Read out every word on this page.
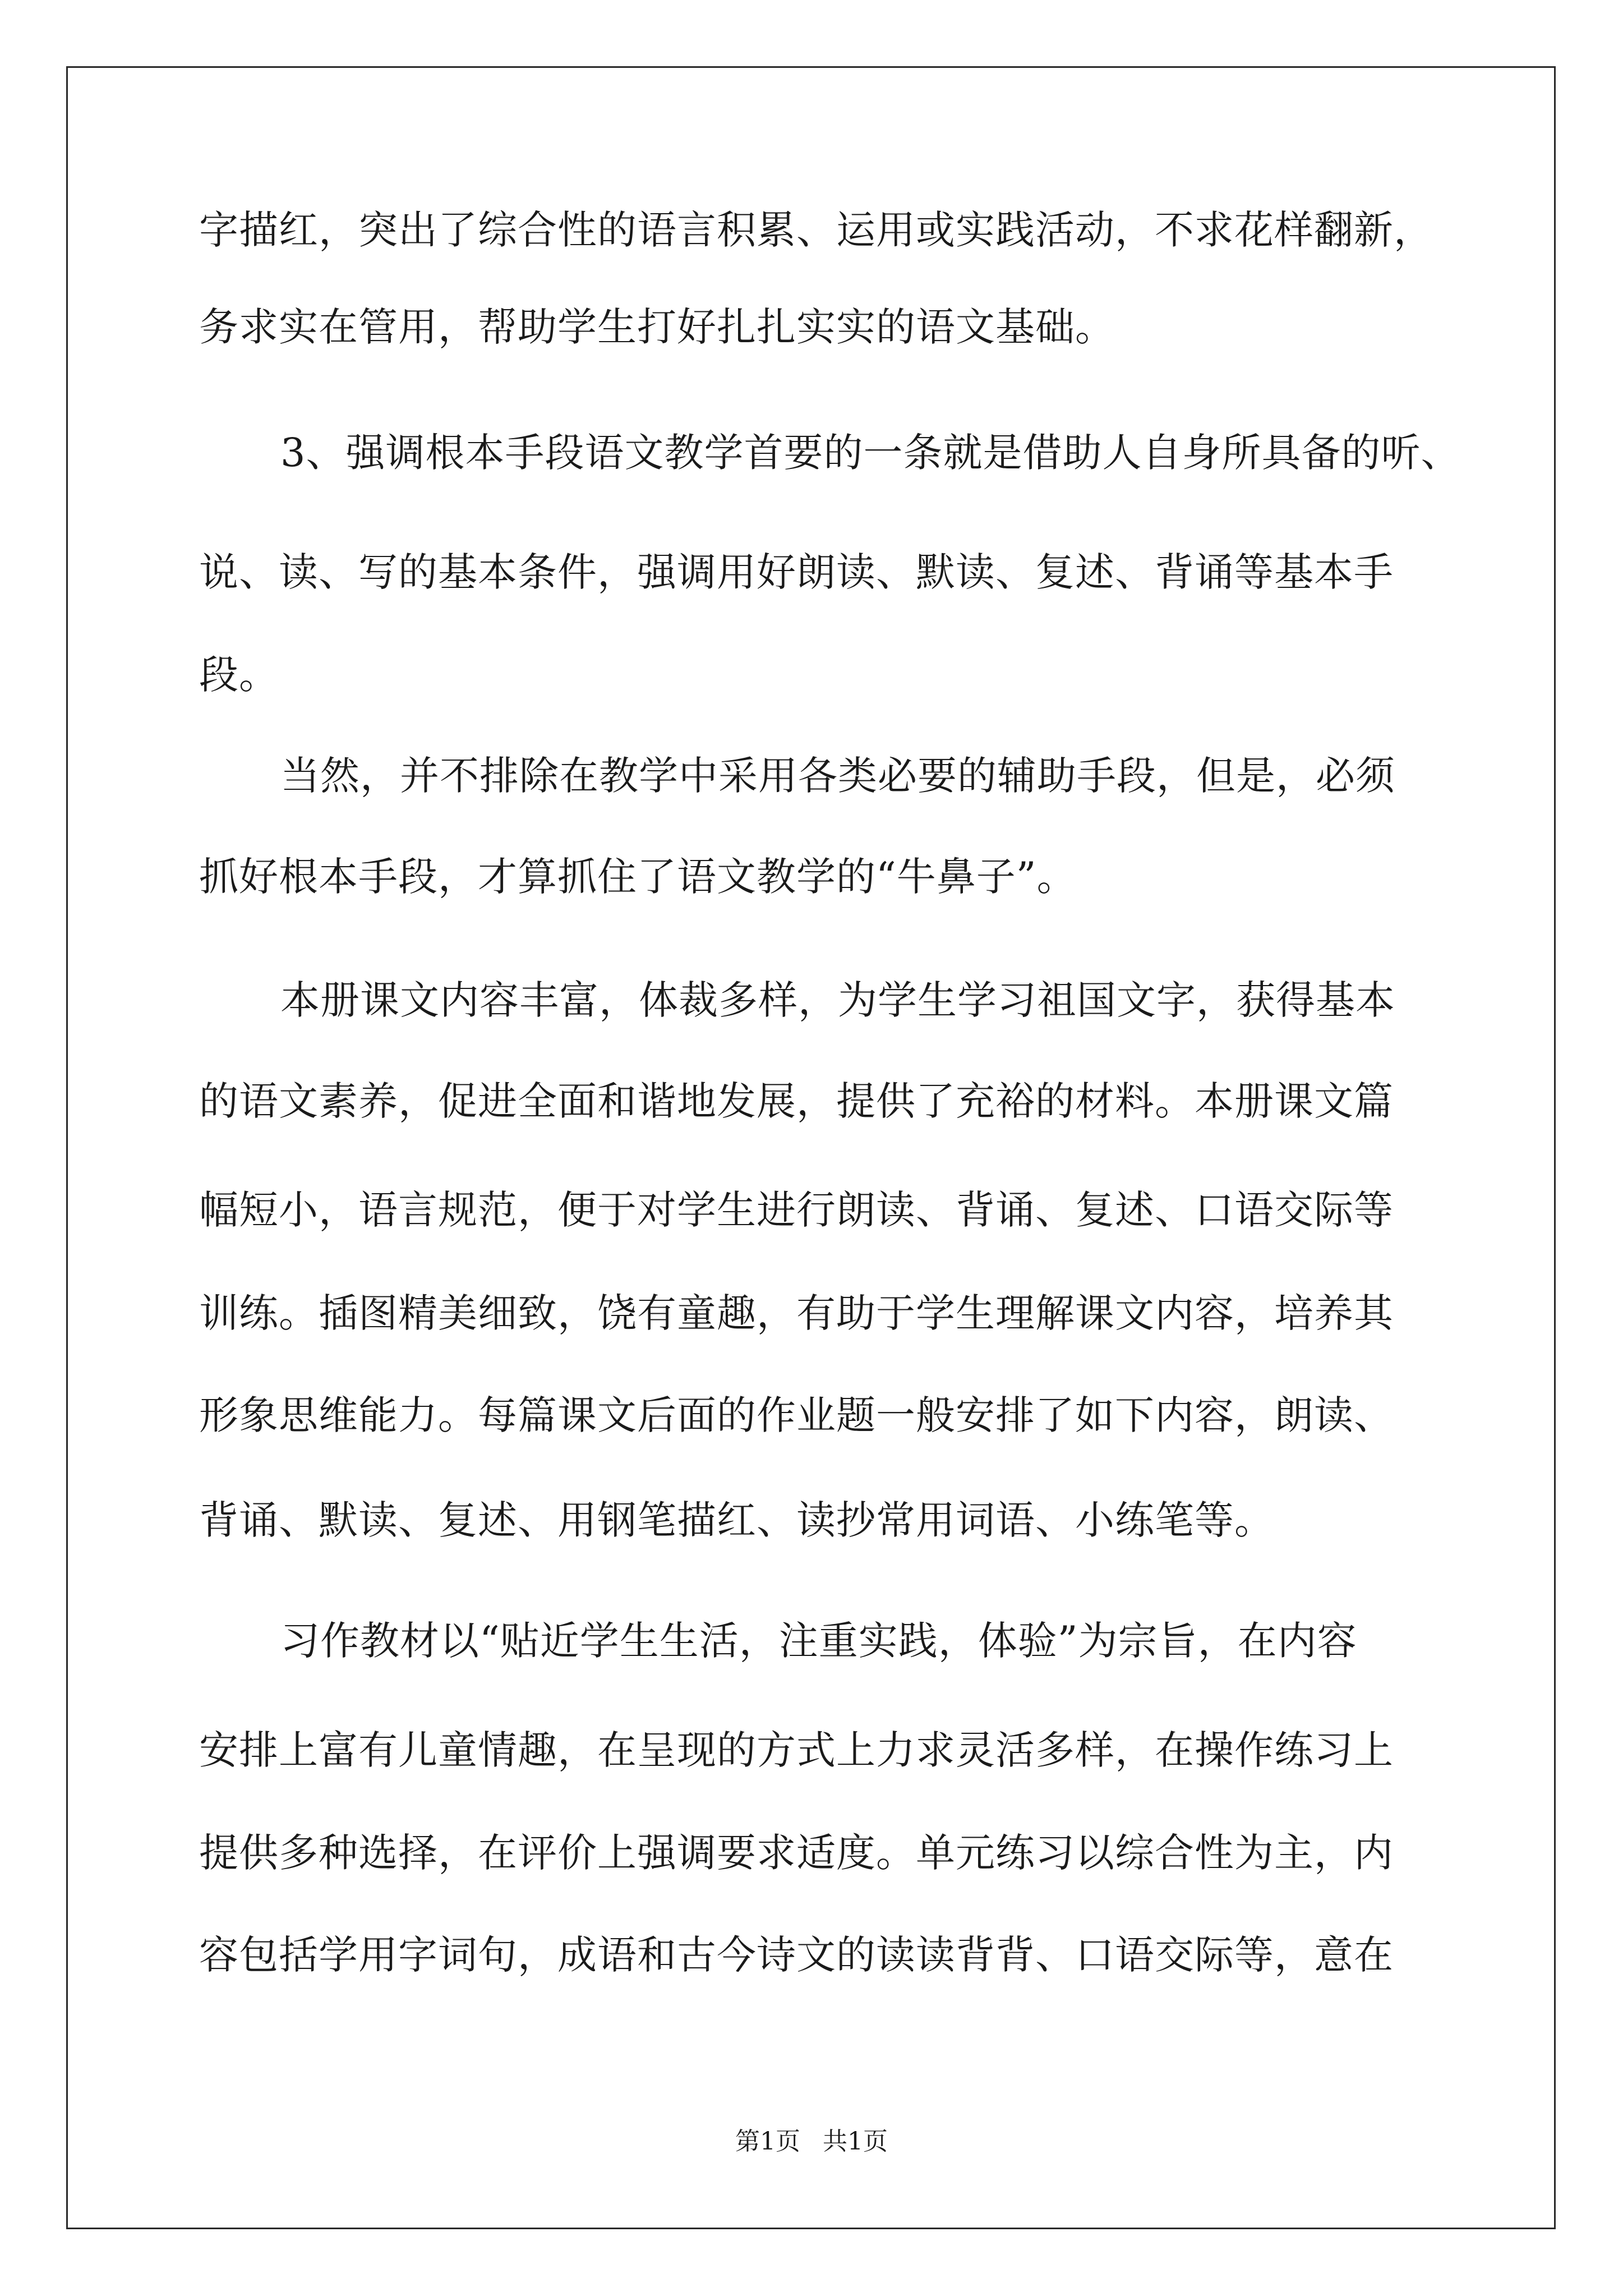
字描红，突出了综合性的语言积累、运用或实践活动，不求花样翻新，
务求实在管用，帮助学生打好扎扎实实的语文基础。
3、强调根本手段语文教学首要的一条就是借助人自身所具备的听、
说、读、写的基本条件，强调用好朗读、默读、复述、背诵等基本手
段。
当然，并不排除在教学中采用各类必要的辅助手段，但是，必须
抓好根本手段，才算抓住了语文教学的“牛鼻子”。
本册课文内容丰富，体裁多样，为学生学习祖国文字，获得基本
的语文素养，促进全面和谐地发展，提供了充裕的材料。本册课文篇
幅短小，语言规范，便于对学生进行朗读、背诵、复述、口语交际等
训练。插图精美细致，饶有童趣，有助于学生理解课文内容，培养其
形象思维能力。每篇课文后面的作业题一般安排了如下内容，朗读、
背诵、默读、复述、用钢笔描红、读抄常用词语、小练笔等。
习作教材以“贴近学生生活，注重实践，体验”为宗旨，在内容
安排上富有儿童情趣，在呈现的方式上力求灵活多样，在操作练习上
提供多种选择，在评价上强调要求适度。单元练习以综合性为主，内
容包括学用字词句，成语和古今诗文的读读背背、口语交际等，意在
第1页 共1页
